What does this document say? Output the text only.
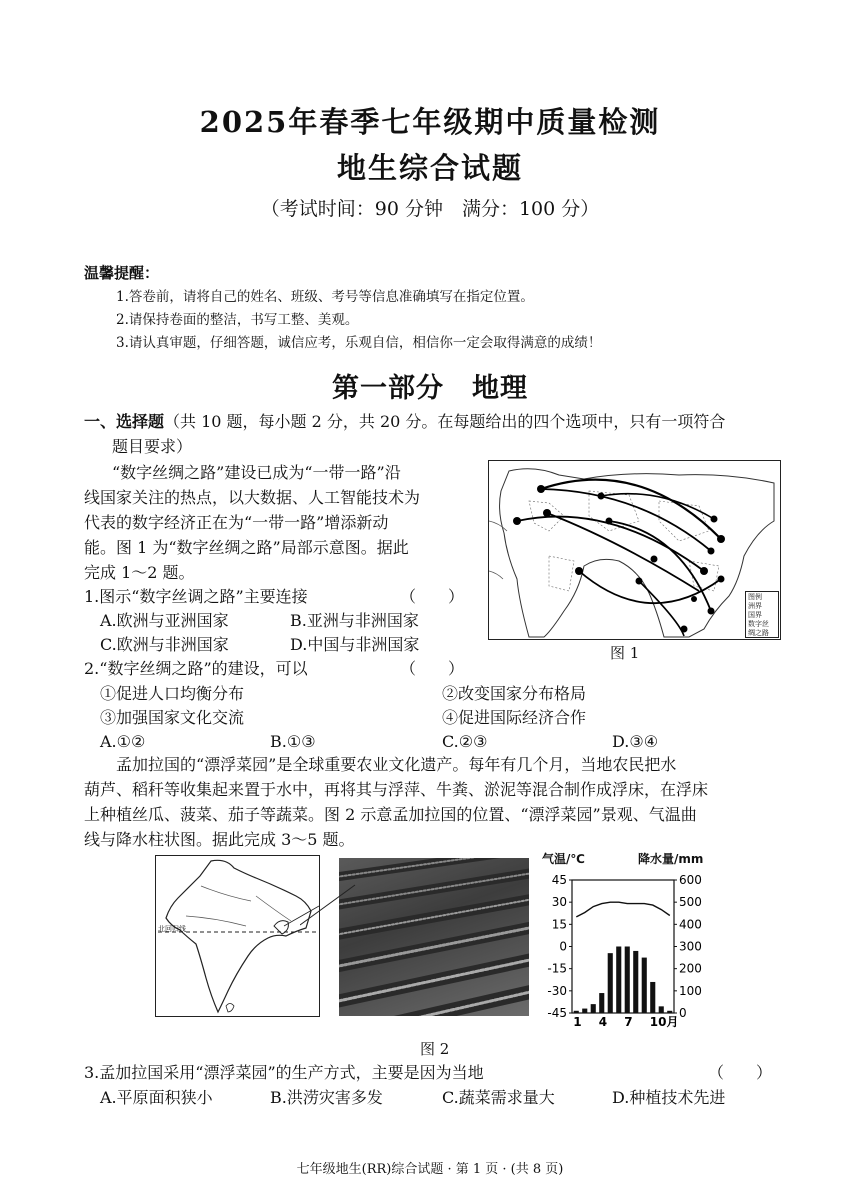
2025年春季七年级期中质量检测
地生综合试题
（考试时间：90 分钟　满分：100 分）
温馨提醒：
1.答卷前，请将自己的姓名、班级、考号等信息准确填写在指定位置。
2.请保持卷面的整洁，书写工整、美观。
3.请认真审题，仔细答题，诚信应考，乐观自信，相信你一定会取得满意的成绩！
第一部分　地理
一、选择题（共 10 题，每小题 2 分，共 20 分。在每题给出的四个选项中，只有一项符合
题目要求）
“数字丝绸之路”建设已成为“一带一路”沿
线国家关注的热点，以大数据、人工智能技术为
代表的数字经济正在为“一带一路”增添新动
能。图 1 为“数字丝绸之路”局部示意图。据此
完成 1～2 题。
1.图示“数字丝调之路”主要连接	（　　）
A.欧洲与亚洲国家	B.亚洲与非洲国家
C.欧洲与非洲国家	D.中国与非洲国家
2.“数字丝绸之路”的建设，可以	（　　）
①促进人口均衡分布	②改变国家分布格局
③加强国家文化交流	④促进国际经济合作
A.①②	B.①③	C.②③	D.③④
图例
洲界
国界
数字丝
绸之路
图 1
孟加拉国的“漂浮菜园”是全球重要农业文化遗产。每年有几个月，当地农民把水
葫芦、稻秆等收集起来置于水中，再将其与浮萍、牛粪、淤泥等混合制作成浮床，在浮床
上种植丝瓜、菠菜、茄子等蔬菜。图 2 示意孟加拉国的位置、“漂浮菜园”景观、气温曲
线与降水柱状图。据此完成 3～5 题。
北回归线
气温/℃	降水量/mm
45
30
15
0
-15
-30
-45
600
500
400
300
200
100
0
1 4 7 10月
图 2
3.孟加拉国采用“漂浮菜园”的生产方式，主要是因为当地	（　　）
A.平原面积狭小	B.洪涝灾害多发	C.蔬菜需求量大	D.种植技术先进
七年级地生(RR)综合试题 · 第 1 页 · (共 8 页)
